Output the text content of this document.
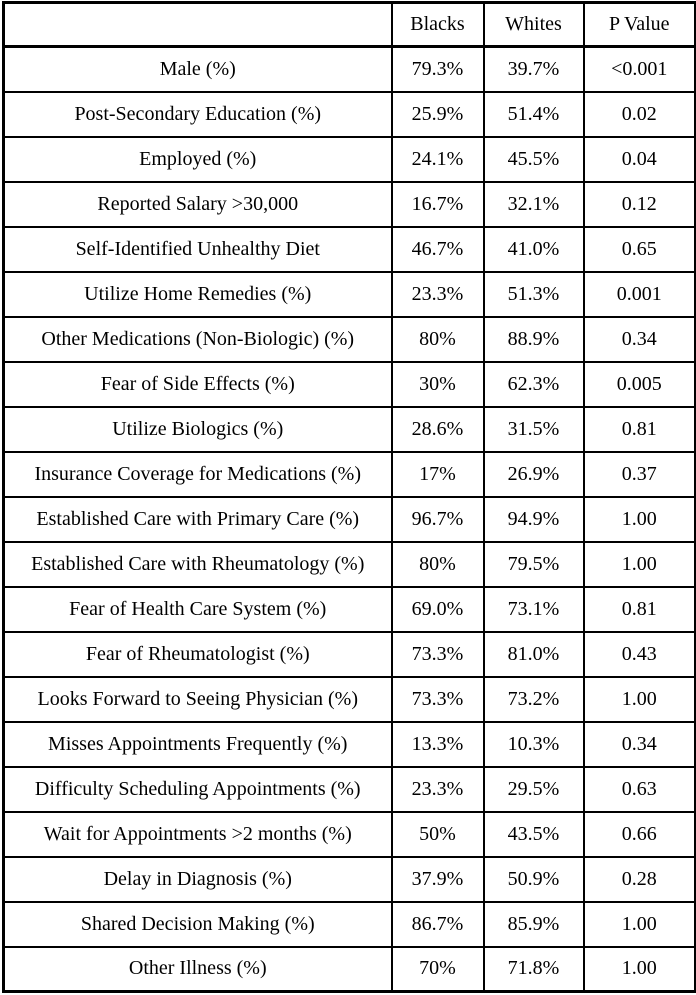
	Blacks	Whites	P Value
Male (%)	79.3%	39.7%	<0.001
Post-Secondary Education (%)	25.9%	51.4%	0.02
Employed (%)	24.1%	45.5%	0.04
Reported Salary >30,000	16.7%	32.1%	0.12
Self-Identified Unhealthy Diet	46.7%	41.0%	0.65
Utilize Home Remedies (%)	23.3%	51.3%	0.001
Other Medications (Non-Biologic) (%)	80%	88.9%	0.34
Fear of Side Effects (%)	30%	62.3%	0.005
Utilize Biologics (%)	28.6%	31.5%	0.81
Insurance Coverage for Medications (%)	17%	26.9%	0.37
Established Care with Primary Care (%)	96.7%	94.9%	1.00
Established Care with Rheumatology (%)	80%	79.5%	1.00
Fear of Health Care System (%)	69.0%	73.1%	0.81
Fear of Rheumatologist (%)	73.3%	81.0%	0.43
Looks Forward to Seeing Physician (%)	73.3%	73.2%	1.00
Misses Appointments Frequently (%)	13.3%	10.3%	0.34
Difficulty Scheduling Appointments (%)	23.3%	29.5%	0.63
Wait for Appointments >2 months (%)	50%	43.5%	0.66
Delay in Diagnosis (%)	37.9%	50.9%	0.28
Shared Decision Making (%)	86.7%	85.9%	1.00
Other Illness (%)	70%	71.8%	1.00
